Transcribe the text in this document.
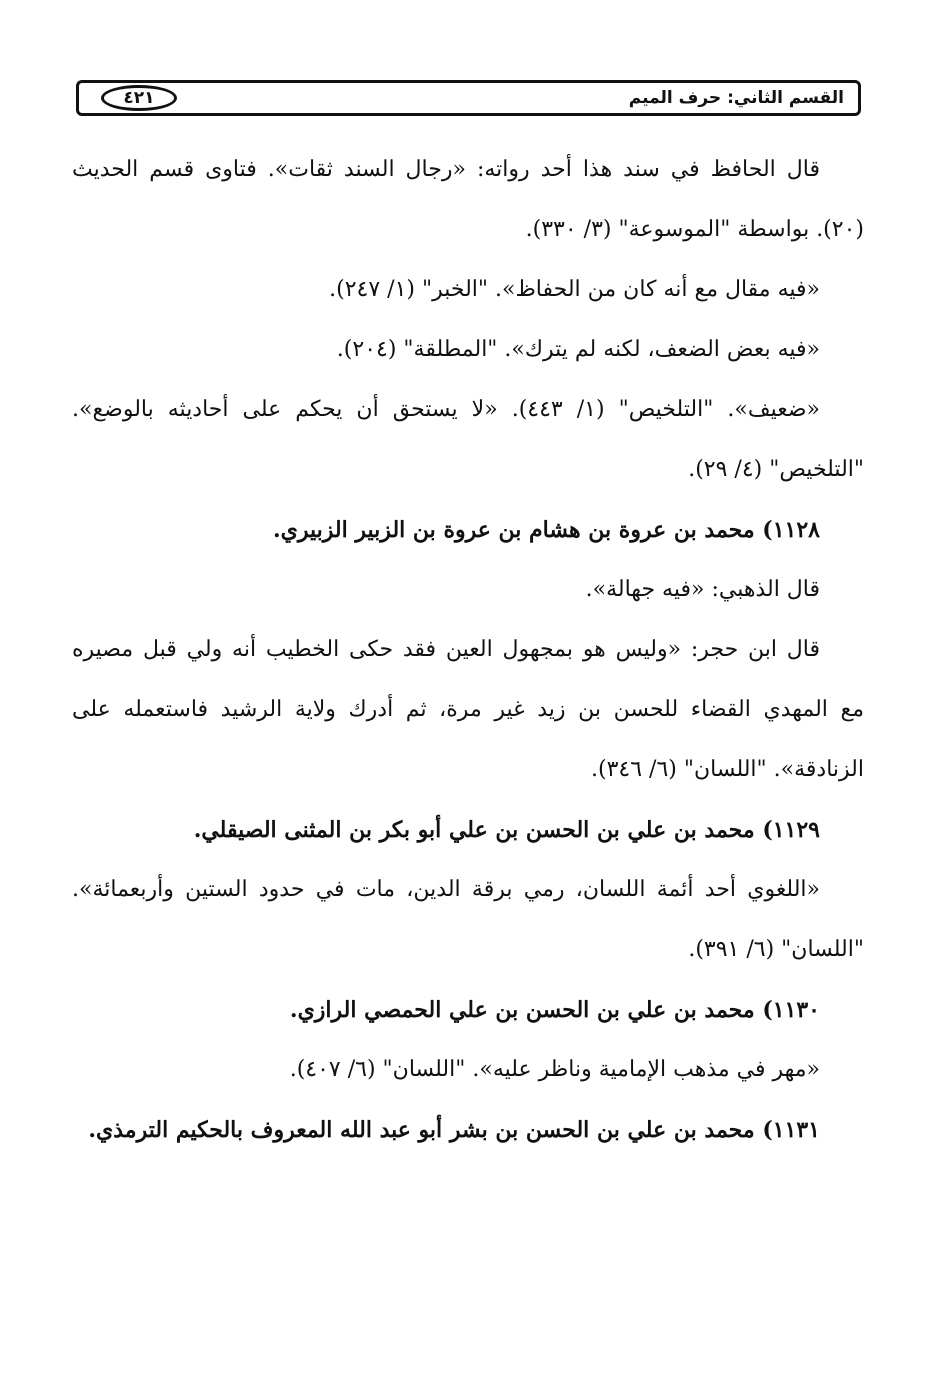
القسم الثاني: حرف الميم
٤٢١
قال الحافظ في سند هذا أحد رواته: «رجال السند ثقات». فتاوى قسم الحديث
(٢٠). بواسطة "الموسوعة" (٣/ ٣٣٠).
«فيه مقال مع أنه كان من الحفاظ». "الخبر" (١/ ٢٤٧).
«فيه بعض الضعف، لكنه لم يترك». "المطلقة" (٢٠٤).
«ضعيف». "التلخيص" (١/ ٤٤٣). «لا يستحق أن يحكم على أحاديثه بالوضع».
"التلخيص" (٤/ ٢٩).
١١٢٨) محمد بن عروة بن هشام بن عروة بن الزبير الزبيري.
قال الذهبي: «فيه جهالة».
قال ابن حجر: «وليس هو بمجهول العين فقد حكى الخطيب أنه ولي قبل مصيره
مع المهدي القضاء للحسن بن زيد غير مرة، ثم أدرك ولاية الرشيد فاستعمله على
الزنادقة». "اللسان" (٦/ ٣٤٦).
١١٢٩) محمد بن علي بن الحسن بن علي أبو بكر بن المثنى الصيقلي.
«اللغوي أحد أئمة اللسان، رمي برقة الدين، مات في حدود الستين وأربعمائة».
"اللسان" (٦/ ٣٩١).
١١٣٠) محمد بن علي بن الحسن بن علي الحمصي الرازي.
«مهر في مذهب الإمامية وناظر عليه». "اللسان" (٦/ ٤٠٧).
١١٣١) محمد بن علي بن الحسن بن بشر أبو عبد الله المعروف بالحكيم الترمذي.
